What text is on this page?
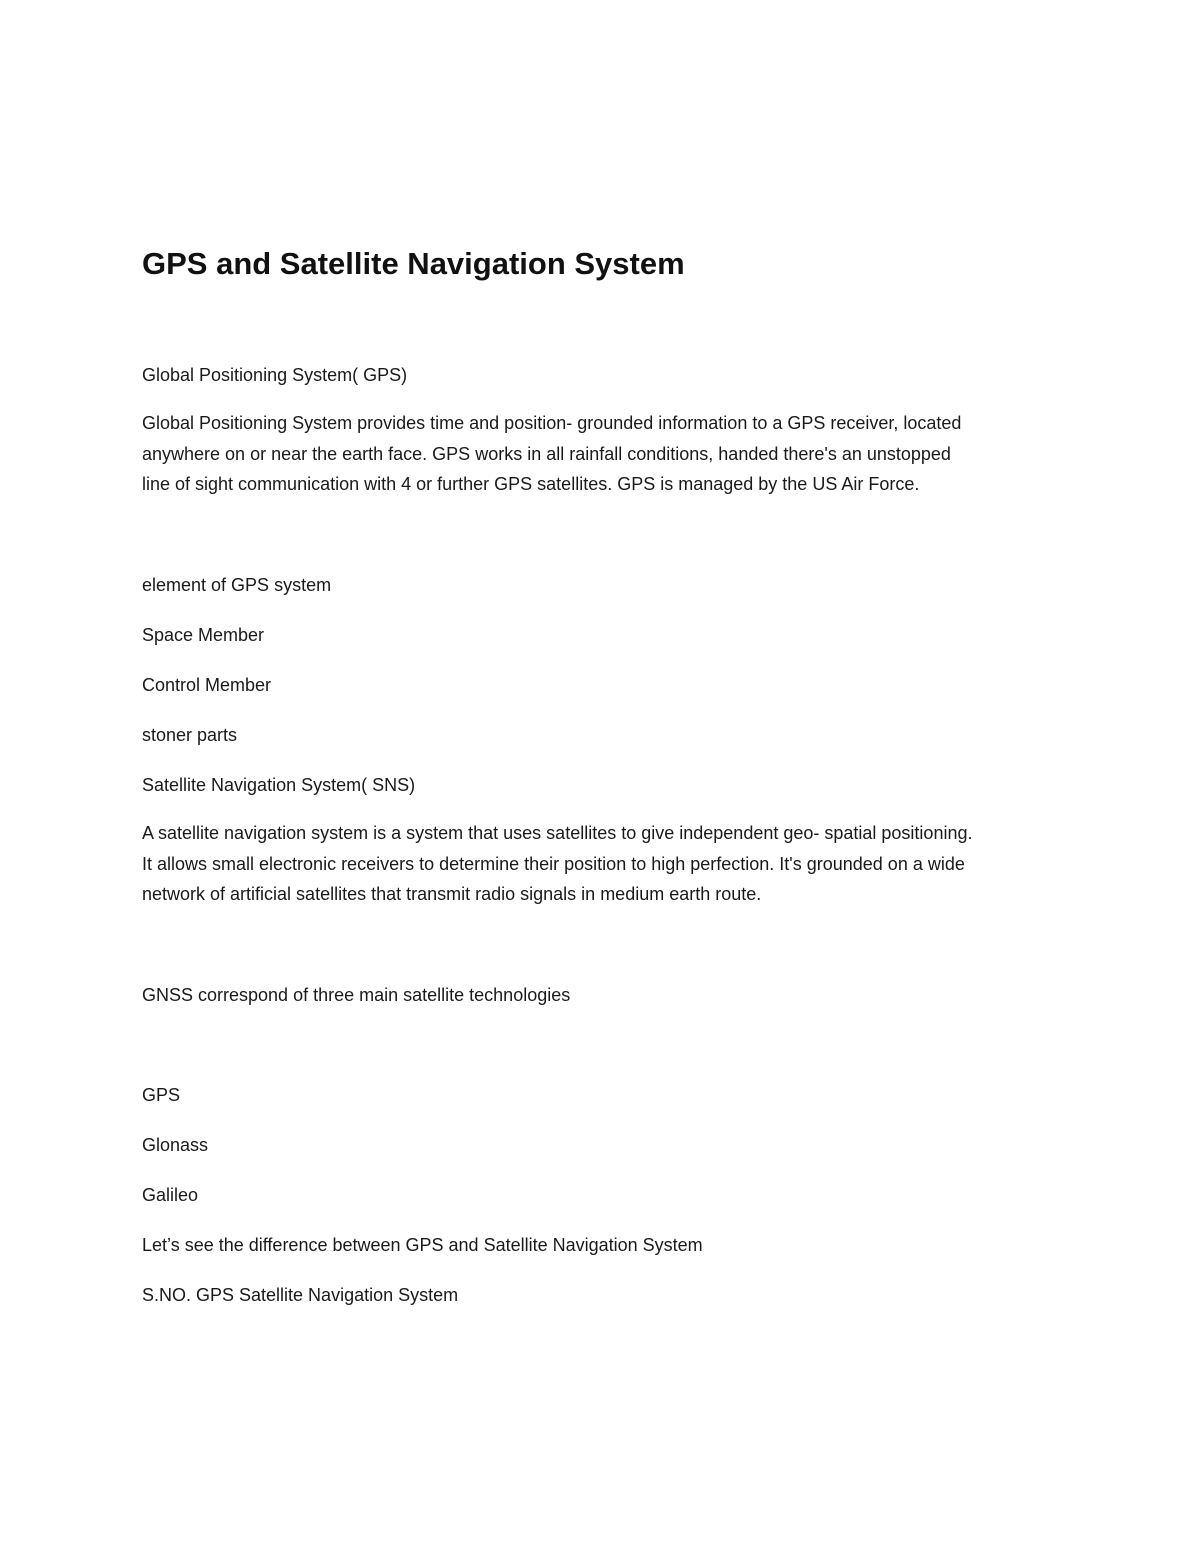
GPS and Satellite Navigation System

Global Positioning System( GPS)

Global Positioning System provides time and position- grounded information to a GPS receiver, located
anywhere on or near the earth face. GPS works in all rainfall conditions, handed there's an unstopped
line of sight communication with 4 or further GPS satellites. GPS is managed by the US Air Force.

element of GPS system

Space Member

Control Member

stoner parts

Satellite Navigation System( SNS)

A satellite navigation system is a system that uses satellites to give independent geo- spatial positioning.
It allows small electronic receivers to determine their position to high perfection. It's grounded on a wide
network of artificial satellites that transmit radio signals in medium earth route.

GNSS correspond of three main satellite technologies

GPS

Glonass

Galileo

Let’s see the difference between GPS and Satellite Navigation System

S.NO. GPS Satellite Navigation System
